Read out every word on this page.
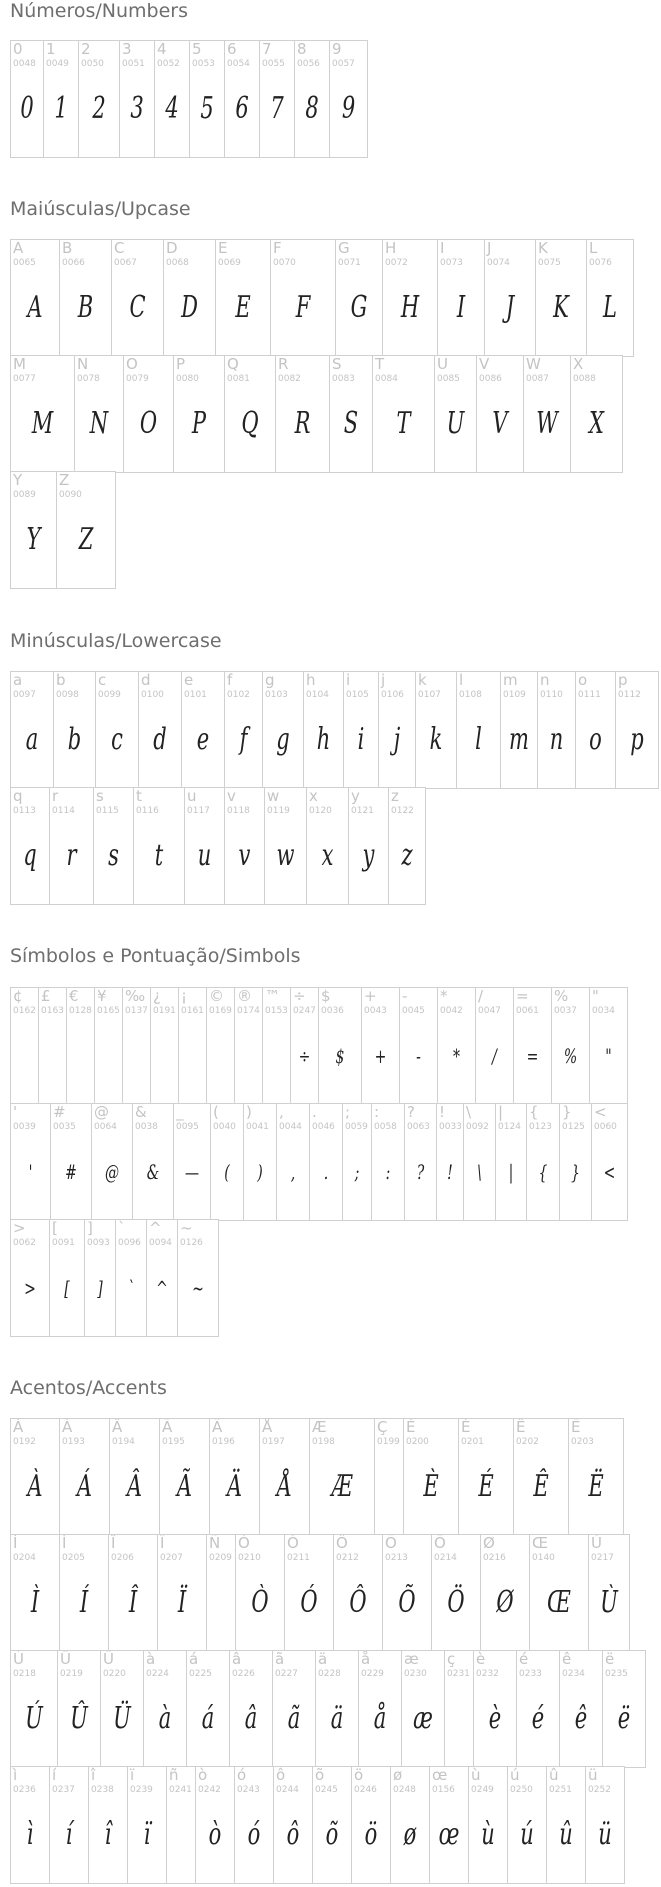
Números/Numbers
0
0048
0
1
0049
1
2
0050
2
3
0051
3
4
0052
4
5
0053
5
6
0054
6
7
0055
7
8
0056
8
9
0057
9
Maiúsculas/Upcase
A
0065
A
B
0066
B
C
0067
C
D
0068
D
E
0069
E
F
0070
F
G
0071
G
H
0072
H
I
0073
I
J
0074
J
K
0075
K
L
0076
L
M
0077
M
N
0078
N
O
0079
O
P
0080
P
Q
0081
Q
R
0082
R
S
0083
S
T
0084
T
U
0085
U
V
0086
V
W
0087
W
X
0088
X
Y
0089
Y
Z
0090
Z
Minúsculas/Lowercase
a
0097
a
b
0098
b
c
0099
c
d
0100
d
e
0101
e
f
0102
f
g
0103
g
h
0104
h
i
0105
i
j
0106
j
k
0107
k
l
0108
l
m
0109
m
n
0110
n
o
0111
o
p
0112
p
q
0113
q
r
0114
r
s
0115
s
t
0116
t
u
0117
u
v
0118
v
w
0119
w
x
0120
x
y
0121
y
z
0122
z
Símbolos e Pontuação/Simbols
¢
0162
£
0163
€
0128
¥
0165
‰
0137
¿
0191
¡
0161
©
0169
®
0174
™
0153
÷
0247
÷
$
0036
$
+
0043
+
-
0045
-
*
0042
*
/
0047
/
=
0061
=
%
0037
%
"
0034
"
'
0039
'
#
0035
#
@
0064
@
&
0038
&
_
0095
—
(
0040
(
)
0041
)
,
0044
,
.
0046
.
;
0059
;
:
0058
:
?
0063
?
!
0033
!
\
0092
\
|
0124
|
{
0123
{
}
0125
}
<
0060
<
>
0062
>
[
0091
[
]
0093
]
`
0096
`
^
0094
^
~
0126
~
Acentos/Accents
À
0192
À
Á
0193
Á
Â
0194
Â
Ã
0195
Ã
Ä
0196
Ä
Å
0197
Å
Æ
0198
Æ
Ç
0199
È
0200
È
É
0201
É
Ê
0202
Ê
Ë
0203
Ë
Ì
0204
Ì
Í
0205
Í
Î
0206
Î
Ï
0207
Ï
Ñ
0209
Ò
0210
Ò
Ó
0211
Ó
Ô
0212
Ô
Õ
0213
Õ
Ö
0214
Ö
Ø
0216
Ø
Œ
0140
Œ
Ù
0217
Ù
Ú
0218
Ú
Û
0219
Û
Ü
0220
Ü
à
0224
à
á
0225
á
â
0226
â
ã
0227
ã
ä
0228
ä
å
0229
å
æ
0230
æ
ç
0231
è
0232
è
é
0233
é
ê
0234
ê
ë
0235
ë
ì
0236
ì
í
0237
í
î
0238
î
ï
0239
ï
ñ
0241
ò
0242
ò
ó
0243
ó
ô
0244
ô
õ
0245
õ
ö
0246
ö
ø
0248
ø
œ
0156
œ
ù
0249
ù
ú
0250
ú
û
0251
û
ü
0252
ü
